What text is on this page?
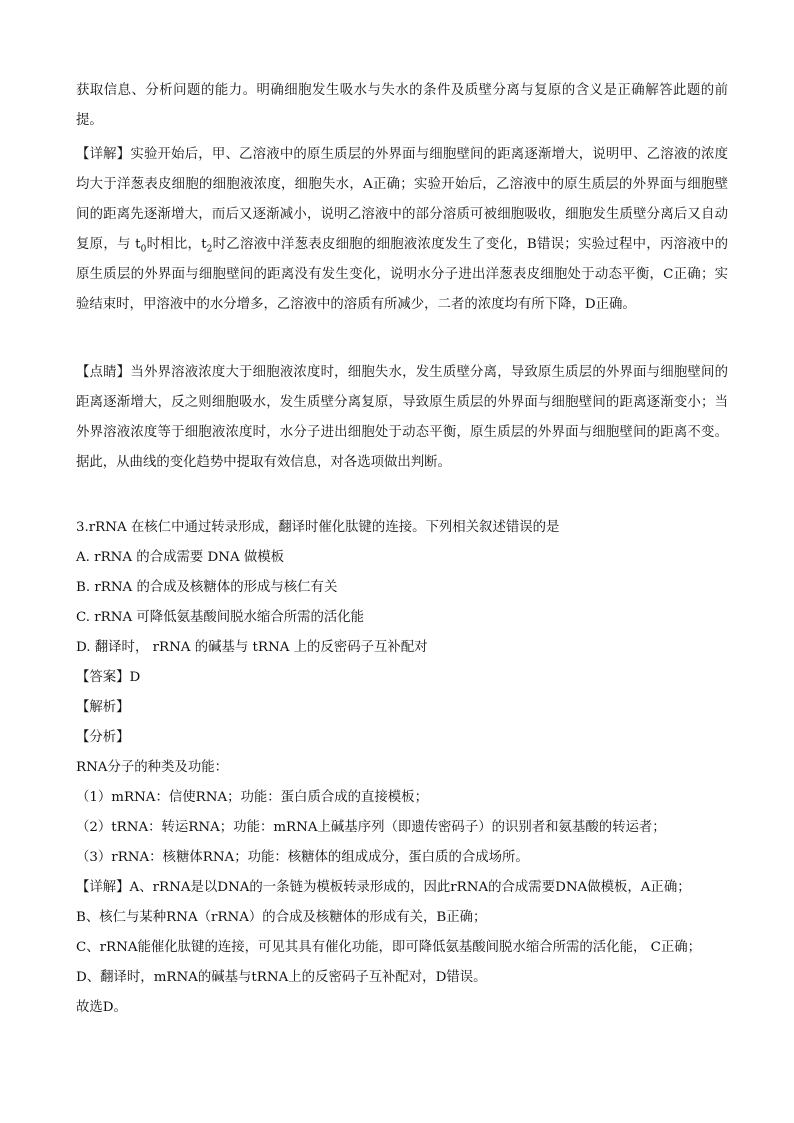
获取信息、分析问题的能力。明确细胞发生吸水与失水的条件及质壁分离与复原的含义是正确解答此题的前提。

【详解】实验开始后，甲、乙溶液中的原生质层的外界面与细胞壁间的距离逐渐增大，说明甲、乙溶液的浓度均大于洋葱表皮细胞的细胞液浓度，细胞失水，A正确；实验开始后，乙溶液中的原生质层的外界面与细胞壁间的距离先逐渐增大，而后又逐渐减小，说明乙溶液中的部分溶质可被细胞吸收，细胞发生质壁分离后又自动复原，与 $t_0$时相比，$t_2$时乙溶液中洋葱表皮细胞的细胞液浓度发生了变化，B错误；实验过程中，丙溶液中的原生质层的外界面与细胞壁间的距离没有发生变化，说明水分子进出洋葱表皮细胞处于动态平衡，C正确；实验结束时，甲溶液中的水分增多，乙溶液中的溶质有所减少，二者的浓度均有所下降，D正确。

【点睛】当外界溶液浓度大于细胞液浓度时，细胞失水，发生质壁分离，导致原生质层的外界面与细胞壁间的距离逐渐增大，反之则细胞吸水，发生质壁分离复原，导致原生质层的外界面与细胞壁间的距离逐渐变小；当外界溶液浓度等于细胞液浓度时，水分子进出细胞处于动态平衡，原生质层的外界面与细胞壁间的距离不变。据此，从曲线的变化趋势中提取有效信息，对各选项做出判断。

3.rRNA 在核仁中通过转录形成，翻译时催化肽键的连接。下列相关叙述错误的是

A. rRNA 的合成需要 DNA 做模板

B. rRNA 的合成及核糖体的形成与核仁有关

C. rRNA 可降低氨基酸间脱水缩合所需的活化能

D. 翻译时， rRNA 的碱基与 tRNA 上的反密码子互补配对

【答案】D

【解析】

【分析】

RNA分子的种类及功能：

（1）mRNA：信使RNA；功能：蛋白质合成的直接模板；

（2）tRNA：转运RNA；功能：mRNA上碱基序列（即遗传密码子）的识别者和氨基酸的转运者；

（3）rRNA：核糖体RNA；功能：核糖体的组成成分，蛋白质的合成场所。

【详解】A、rRNA是以DNA的一条链为模板转录形成的，因此rRNA的合成需要DNA做模板，A正确；

B、核仁与某种RNA（rRNA）的合成及核糖体的形成有关，B正确；

C、rRNA能催化肽键的连接，可见其具有催化功能，即可降低氨基酸间脱水缩合所需的活化能， C正确；

D、翻译时，mRNA的碱基与tRNA上的反密码子互补配对，D错误。

故选D。
